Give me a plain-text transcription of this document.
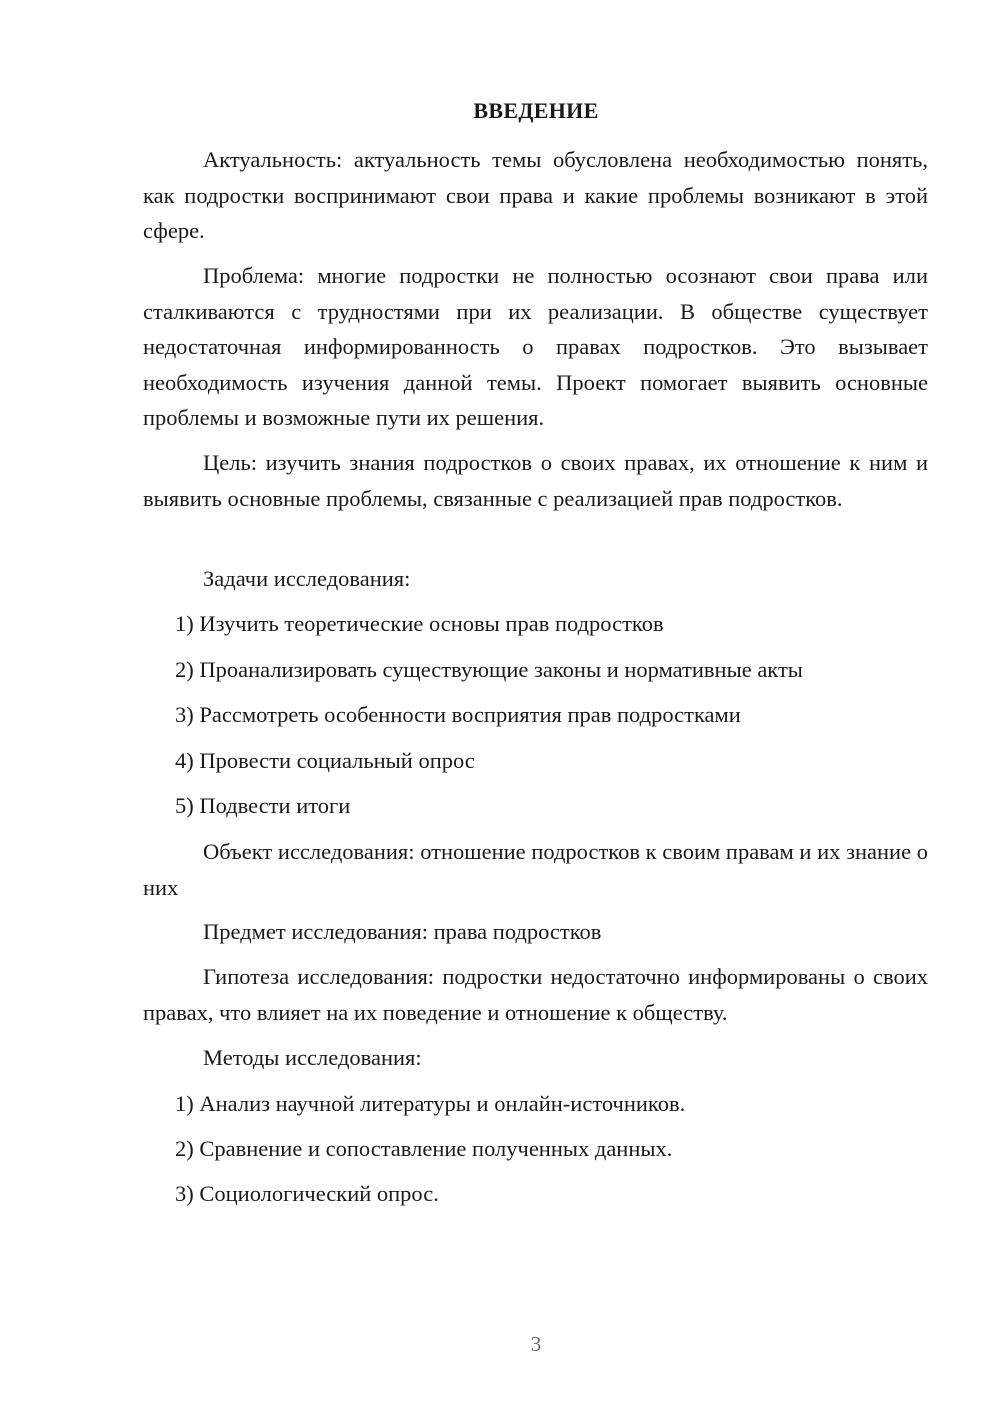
ВВЕДЕНИЕ
Актуальность: актуальность темы обусловлена необходимостью понять, как подростки воспринимают свои права и какие проблемы возникают в этой сфере.
Проблема: многие подростки не полностью осознают свои права или сталкиваются с трудностями при их реализации. В обществе существует недостаточная информированность о правах подростков. Это вызывает необходимость изучения данной темы. Проект помогает выявить основные проблемы и возможные пути их решения.
Цель: изучить знания подростков о своих правах, их отношение к ним и выявить основные проблемы, связанные с реализацией прав подростков.
Задачи исследования:
1) Изучить теоретические основы прав подростков
2) Проанализировать существующие законы и нормативные акты
3) Рассмотреть особенности восприятия прав подростками
4) Провести социальный опрос
5) Подвести итоги
Объект исследования: отношение подростков к своим правам и их знание о них
Предмет исследования: права подростков
Гипотеза исследования: подростки недостаточно информированы о своих правах, что влияет на их поведение и отношение к обществу.
Методы исследования:
1) Анализ научной литературы и онлайн-источников.
2) Сравнение и сопоставление полученных данных.
3) Социологический опрос.
3
